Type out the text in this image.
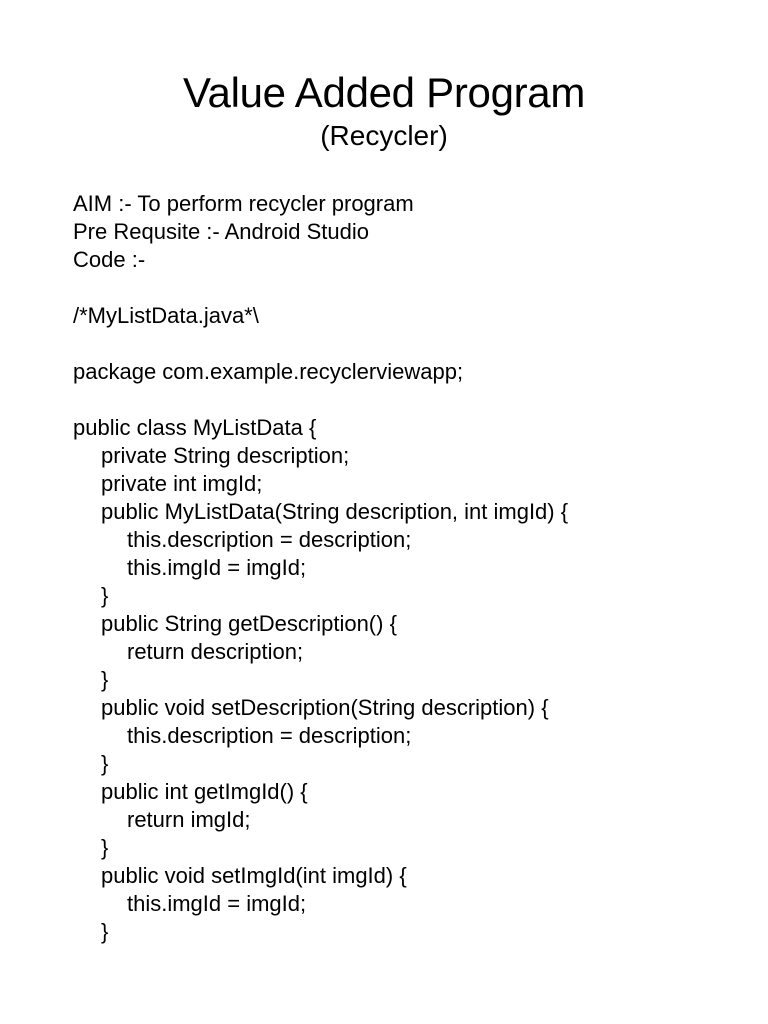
Value Added Program
(Recycler)
AIM :- To perform recycler program
Pre Requsite :- Android Studio
Code :-
/*MyListData.java*\
package com.example.recyclerviewapp;
public class MyListData {
private String description;
private int imgId;
public MyListData(String description, int imgId) {
this.description = description;
this.imgId = imgId;
}
public String getDescription() {
return description;
}
public void setDescription(String description) {
this.description = description;
}
public int getImgId() {
return imgId;
}
public void setImgId(int imgId) {
this.imgId = imgId;
}
